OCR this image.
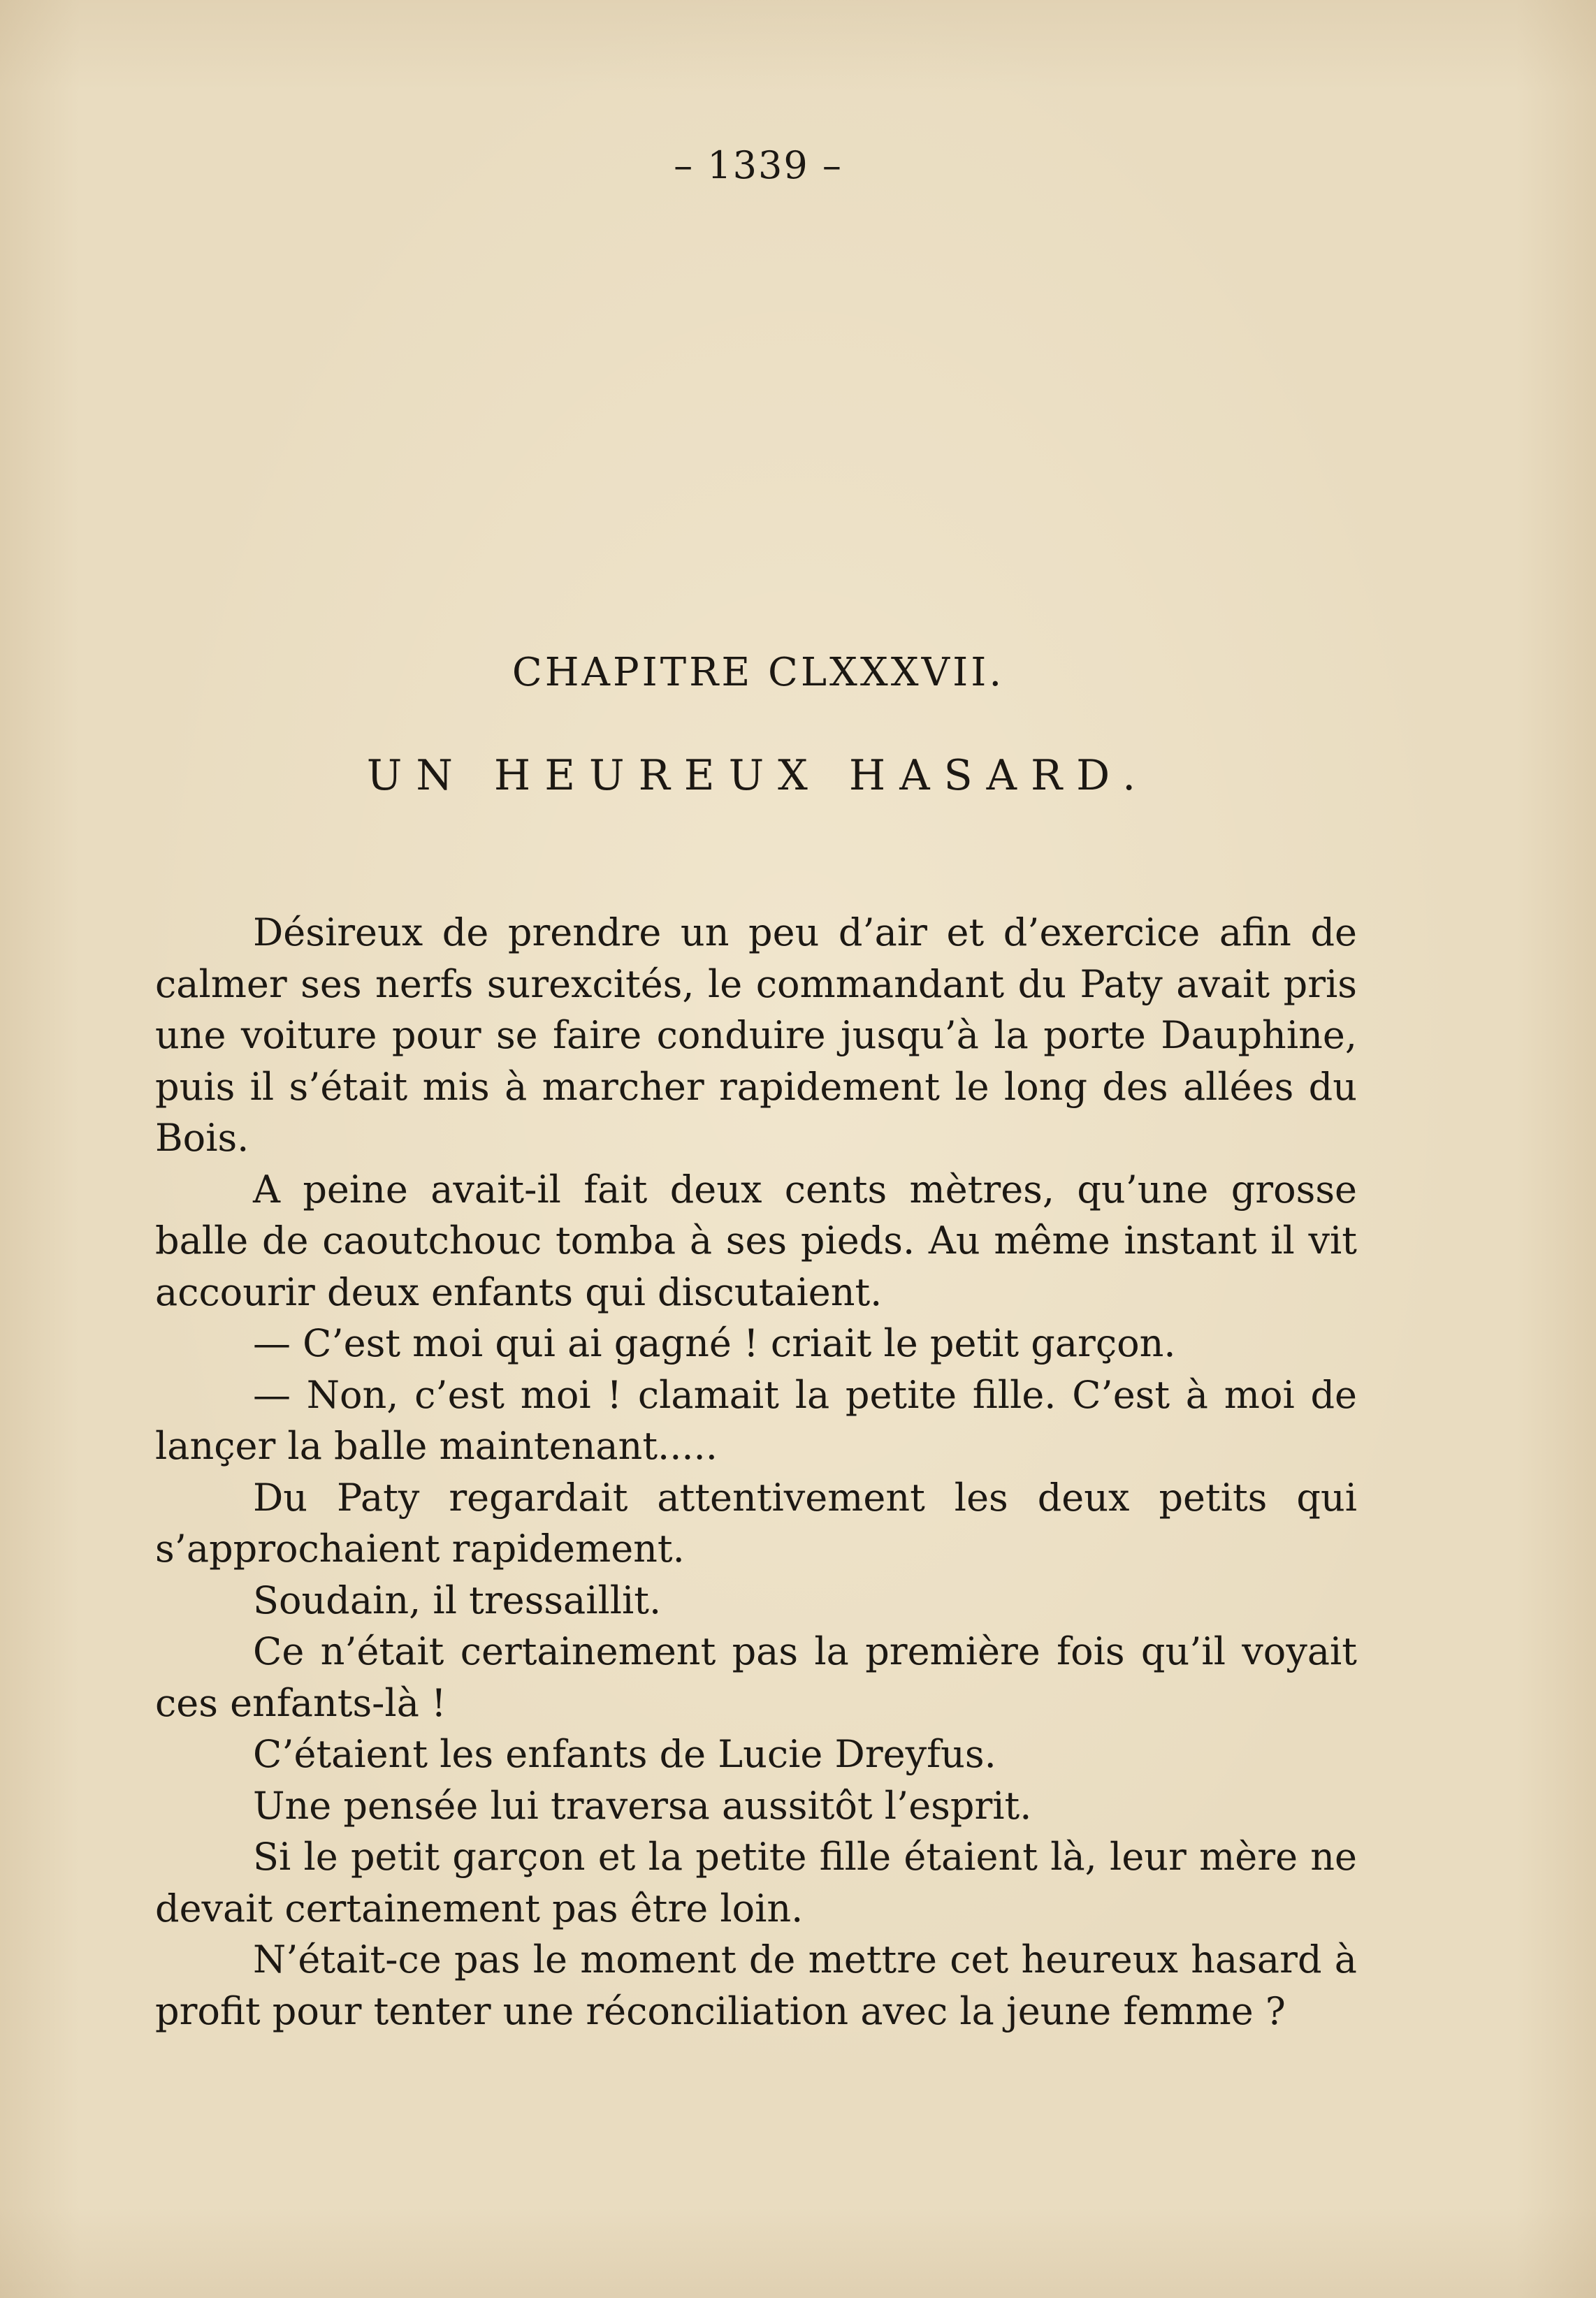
– 1339 –
CHAPITRE CLXXXVII.
UN HEUREUX HASARD.

Désireux de prendre un peu d’air et d’exercice afin de calmer ses nerfs surexcités, le commandant du Paty avait pris une voiture pour se faire conduire jusqu’à la porte Dauphine, puis il s’était mis à marcher rapidement le long des allées du Bois.

A peine avait-il fait deux cents mètres, qu’une grosse balle de caoutchouc tomba à ses pieds. Au même instant il vit accourir deux enfants qui discutaient.

— C’est moi qui ai gagné ! criait le petit garçon.

— Non, c’est moi ! clamait la petite fille. C’est à moi de lançer la balle maintenant.....

Du Paty regardait attentivement les deux petits qui s’approchaient rapidement.

Soudain, il tressaillit.

Ce n’était certainement pas la première fois qu’il voyait ces enfants-là !

C’étaient les enfants de Lucie Dreyfus.

Une pensée lui traversa aussitôt l’esprit.

Si le petit garçon et la petite fille étaient là, leur mère ne devait certainement pas être loin.

N’était-ce pas le moment de mettre cet heureux hasard à profit pour tenter une réconciliation avec la jeune femme ?
